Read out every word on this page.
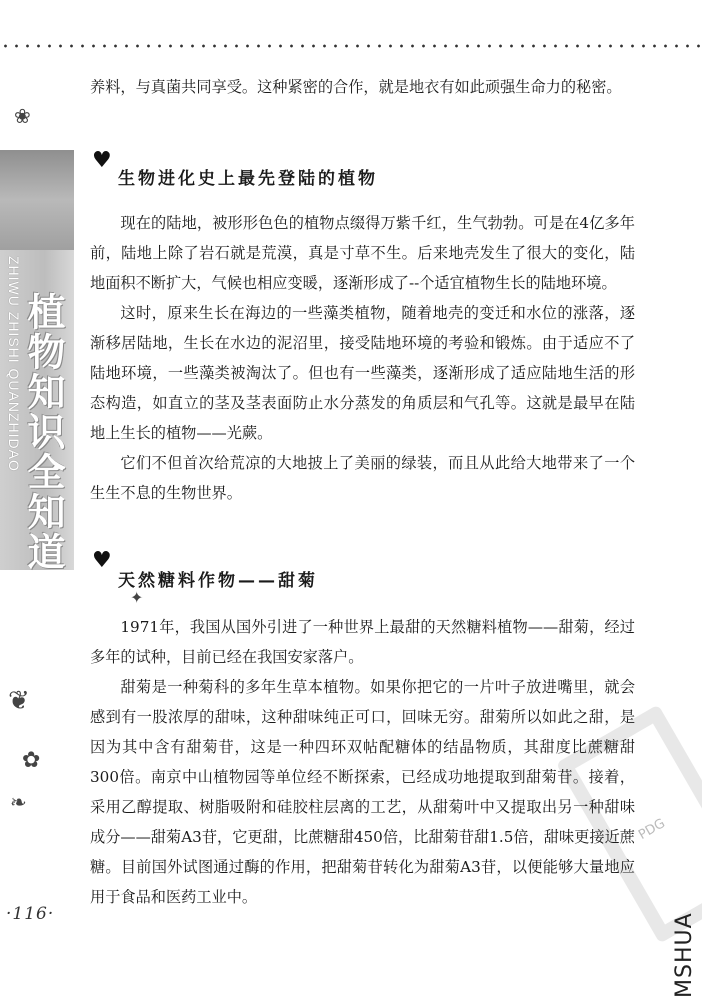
ZHIWU ZHISHI QUANZHIDAO 植物知识全知道
❀
❦
✿
❧
✦

养料，与真菌共同享受。这种紧密的合作，就是地衣有如此顽强生命力的秘密。

♥
生物进化史上最先登陆的植物

现在的陆地，被形形色色的植物点缀得万紫千红，生气勃勃。可是在4亿多年前，陆地上除了岩石就是荒漠，真是寸草不生。后来地壳发生了很大的变化，陆地面积不断扩大，气候也相应变暖，逐渐形成了--个适宜植物生长的陆地环境。

这时，原来生长在海边的一些藻类植物，随着地壳的变迁和水位的涨落，逐渐移居陆地，生长在水边的泥沼里，接受陆地环境的考验和锻炼。由于适应不了陆地环境，一些藻类被淘汰了。但也有一些藻类，逐渐形成了适应陆地生活的形态构造，如直立的茎及茎表面防止水分蒸发的角质层和气孔等。这就是最早在陆地上生长的植物——光蕨。

它们不但首次给荒凉的大地披上了美丽的绿装，而且从此给大地带来了一个生生不息的生物世界。

♥
天然糖料作物——甜菊

1971年，我国从国外引进了一种世界上最甜的天然糖料植物——甜菊，经过多年的试种，目前已经在我国安家落户。

甜菊是一种菊科的多年生草本植物。如果你把它的一片叶子放进嘴里，就会感到有一股浓厚的甜味，这种甜味纯正可口，回味无穷。甜菊所以如此之甜，是因为其中含有甜菊苷，这是一种四环双帖配糖体的结晶物质，其甜度比蔗糖甜300倍。南京中山植物园等单位经不断探索，已经成功地提取到甜菊苷。接着，采用乙醇提取、树脂吸附和硅胶柱层离的工艺，从甜菊叶中又提取出另一种甜味成分——甜菊A3苷，它更甜，比蔗糖甜450倍，比甜菊苷甜1.5倍，甜味更接近蔗糖。目前国外试图通过酶的作用，把甜菊苷转化为甜菊A3苷，以便能够大量地应用于食品和医药工业中。

PDG
·116·
	MSHUA
